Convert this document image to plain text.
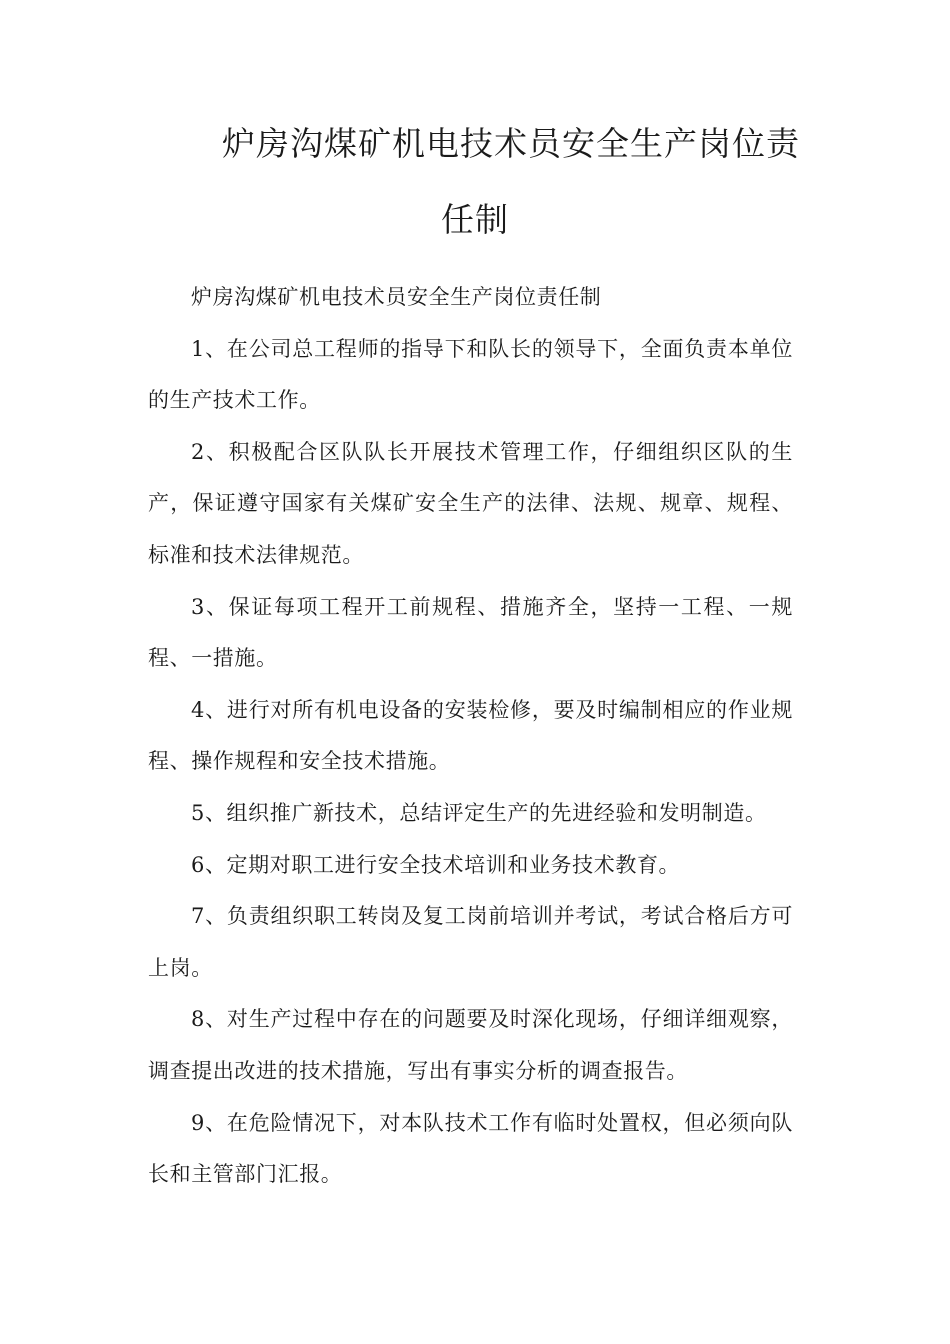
炉房沟煤矿机电技术员安全生产岗位责
任制

炉房沟煤矿机电技术员安全生产岗位责任制

1、在公司总工程师的指导下和队长的领导下，全面负责本单位的生产技术工作。

2、积极配合区队队长开展技术管理工作，仔细组织区队的生产，保证遵守国家有关煤矿安全生产的法律、法规、规章、规程、标准和技术法律规范。

3、保证每项工程开工前规程、措施齐全，坚持一工程、一规程、一措施。

4、进行对所有机电设备的安装检修，要及时编制相应的作业规程、操作规程和安全技术措施。

5、组织推广新技术，总结评定生产的先进经验和发明制造。

6、定期对职工进行安全技术培训和业务技术教育。

7、负责组织职工转岗及复工岗前培训并考试，考试合格后方可上岗。

8、对生产过程中存在的问题要及时深化现场，仔细详细观察，调查提出改进的技术措施，写出有事实分析的调查报告。

9、在危险情况下，对本队技术工作有临时处置权，但必须向队长和主管部门汇报。
